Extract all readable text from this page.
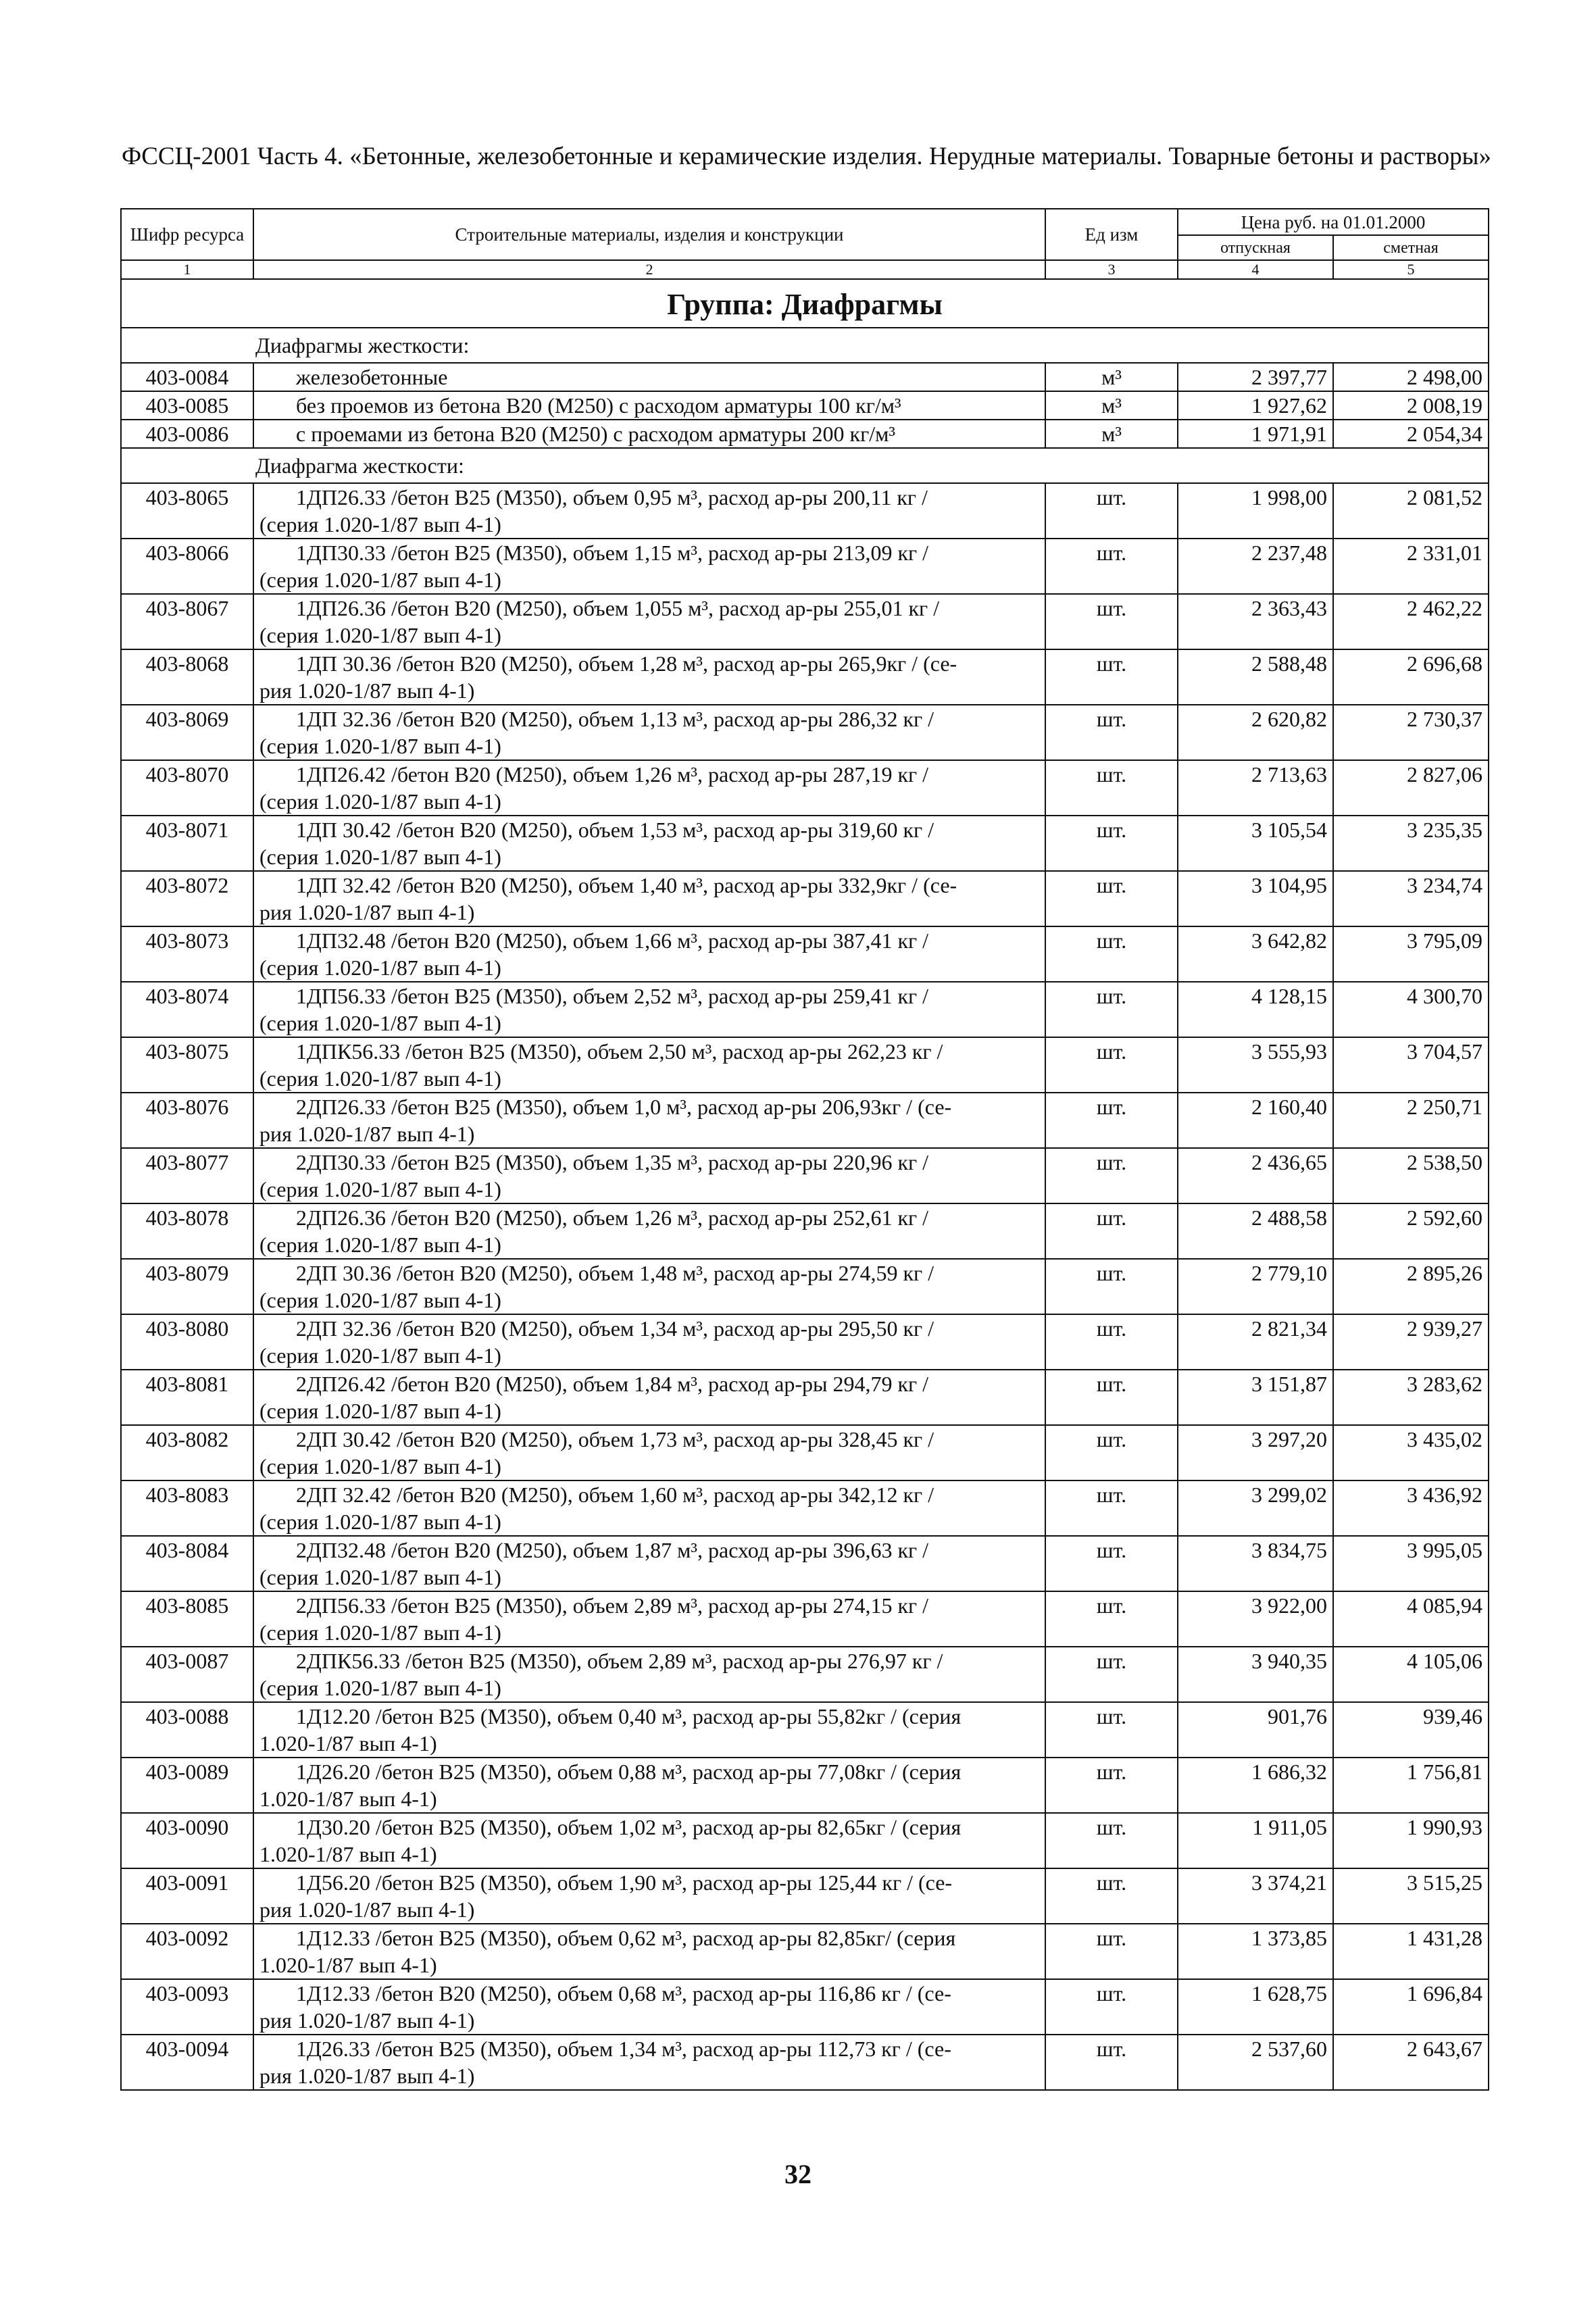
ФССЦ-2001 Часть 4. «Бетонные, железобетонные и керамические изделия. Нерудные материалы. Товарные бетоны и растворы»
Шифр ресурса	Строительные материалы, изделия и конструкции	Ед изм	Цена руб. на 01.01.2000	
			отпускная	сметная
1	2	3	4	5
Группа: Диафрагмы				
Диафрагмы жесткости:				
403-0084	железобетонные	м³	2 397,77	2 498,00
403-0085	без проемов из бетона В20 (М250) с расходом арматуры 100 кг/м³	м³	1 927,62	2 008,19
403-0086	с проемами из бетона В20 (М250) с расходом арматуры 200 кг/м³	м³	1 971,91	2 054,34
Диафрагма жесткости:				
403-8065	1ДП26.33 /бетон В25 (М350), объем 0,95 м³, расход ар-ры 200,11 кг /
(серия 1.020-1/87 вып 4-1)	шт.	1 998,00	2 081,52
403-8066	1ДП30.33 /бетон В25 (М350), объем 1,15 м³, расход ар-ры 213,09 кг /
(серия 1.020-1/87 вып 4-1)	шт.	2 237,48	2 331,01
403-8067	1ДП26.36 /бетон В20 (М250), объем 1,055 м³, расход ар-ры 255,01 кг /
(серия 1.020-1/87 вып 4-1)	шт.	2 363,43	2 462,22
403-8068	1ДП 30.36 /бетон В20 (М250), объем 1,28 м³, расход ар-ры 265,9кг / (се-
рия 1.020-1/87 вып 4-1)	шт.	2 588,48	2 696,68
403-8069	1ДП 32.36 /бетон В20 (М250), объем 1,13 м³, расход ар-ры 286,32 кг /
(серия 1.020-1/87 вып 4-1)	шт.	2 620,82	2 730,37
403-8070	1ДП26.42 /бетон В20 (М250), объем 1,26 м³, расход ар-ры 287,19 кг /
(серия 1.020-1/87 вып 4-1)	шт.	2 713,63	2 827,06
403-8071	1ДП 30.42 /бетон В20 (М250), объем 1,53 м³, расход ар-ры 319,60 кг /
(серия 1.020-1/87 вып 4-1)	шт.	3 105,54	3 235,35
403-8072	1ДП 32.42 /бетон В20 (М250), объем 1,40 м³, расход ар-ры 332,9кг / (се-
рия 1.020-1/87 вып 4-1)	шт.	3 104,95	3 234,74
403-8073	1ДП32.48 /бетон В20 (М250), объем 1,66 м³, расход ар-ры 387,41 кг /
(серия 1.020-1/87 вып 4-1)	шт.	3 642,82	3 795,09
403-8074	1ДП56.33 /бетон В25 (М350), объем 2,52 м³, расход ар-ры 259,41 кг /
(серия 1.020-1/87 вып 4-1)	шт.	4 128,15	4 300,70
403-8075	1ДПК56.33 /бетон В25 (М350), объем 2,50 м³, расход ар-ры 262,23 кг /
(серия 1.020-1/87 вып 4-1)	шт.	3 555,93	3 704,57
403-8076	2ДП26.33 /бетон В25 (М350), объем 1,0 м³, расход ар-ры 206,93кг / (се-
рия 1.020-1/87 вып 4-1)	шт.	2 160,40	2 250,71
403-8077	2ДП30.33 /бетон В25 (М350), объем 1,35 м³, расход ар-ры 220,96 кг /
(серия 1.020-1/87 вып 4-1)	шт.	2 436,65	2 538,50
403-8078	2ДП26.36 /бетон В20 (М250), объем 1,26 м³, расход ар-ры 252,61 кг /
(серия 1.020-1/87 вып 4-1)	шт.	2 488,58	2 592,60
403-8079	2ДП 30.36 /бетон В20 (М250), объем 1,48 м³, расход ар-ры 274,59 кг /
(серия 1.020-1/87 вып 4-1)	шт.	2 779,10	2 895,26
403-8080	2ДП 32.36 /бетон В20 (М250), объем 1,34 м³, расход ар-ры 295,50 кг /
(серия 1.020-1/87 вып 4-1)	шт.	2 821,34	2 939,27
403-8081	2ДП26.42 /бетон В20 (М250), объем 1,84 м³, расход ар-ры 294,79 кг /
(серия 1.020-1/87 вып 4-1)	шт.	3 151,87	3 283,62
403-8082	2ДП 30.42 /бетон В20 (М250), объем 1,73 м³, расход ар-ры 328,45 кг /
(серия 1.020-1/87 вып 4-1)	шт.	3 297,20	3 435,02
403-8083	2ДП 32.42 /бетон В20 (М250), объем 1,60 м³, расход ар-ры 342,12 кг /
(серия 1.020-1/87 вып 4-1)	шт.	3 299,02	3 436,92
403-8084	2ДП32.48 /бетон В20 (М250), объем 1,87 м³, расход ар-ры 396,63 кг /
(серия 1.020-1/87 вып 4-1)	шт.	3 834,75	3 995,05
403-8085	2ДП56.33 /бетон В25 (М350), объем 2,89 м³, расход ар-ры 274,15 кг /
(серия 1.020-1/87 вып 4-1)	шт.	3 922,00	4 085,94
403-0087	2ДПК56.33 /бетон В25 (М350), объем 2,89 м³, расход ар-ры 276,97 кг /
(серия 1.020-1/87 вып 4-1)	шт.	3 940,35	4 105,06
403-0088	1Д12.20 /бетон В25 (М350), объем 0,40 м³, расход ар-ры 55,82кг / (серия
1.020-1/87 вып 4-1)	шт.	901,76	939,46
403-0089	1Д26.20 /бетон В25 (М350), объем 0,88 м³, расход ар-ры 77,08кг / (серия
1.020-1/87 вып 4-1)	шт.	1 686,32	1 756,81
403-0090	1Д30.20 /бетон В25 (М350), объем 1,02 м³, расход ар-ры 82,65кг / (серия
1.020-1/87 вып 4-1)	шт.	1 911,05	1 990,93
403-0091	1Д56.20 /бетон В25 (М350), объем 1,90 м³, расход ар-ры 125,44 кг / (се-
рия 1.020-1/87 вып 4-1)	шт.	3 374,21	3 515,25
403-0092	1Д12.33 /бетон В25 (М350), объем 0,62 м³, расход ар-ры 82,85кг/ (серия
1.020-1/87 вып 4-1)	шт.	1 373,85	1 431,28
403-0093	1Д12.33 /бетон В20 (М250), объем 0,68 м³, расход ар-ры 116,86 кг / (се-
рия 1.020-1/87 вып 4-1)	шт.	1 628,75	1 696,84
403-0094	1Д26.33 /бетон В25 (М350), объем 1,34 м³, расход ар-ры 112,73 кг / (се-
рия 1.020-1/87 вып 4-1)	шт.	2 537,60	2 643,67
32
